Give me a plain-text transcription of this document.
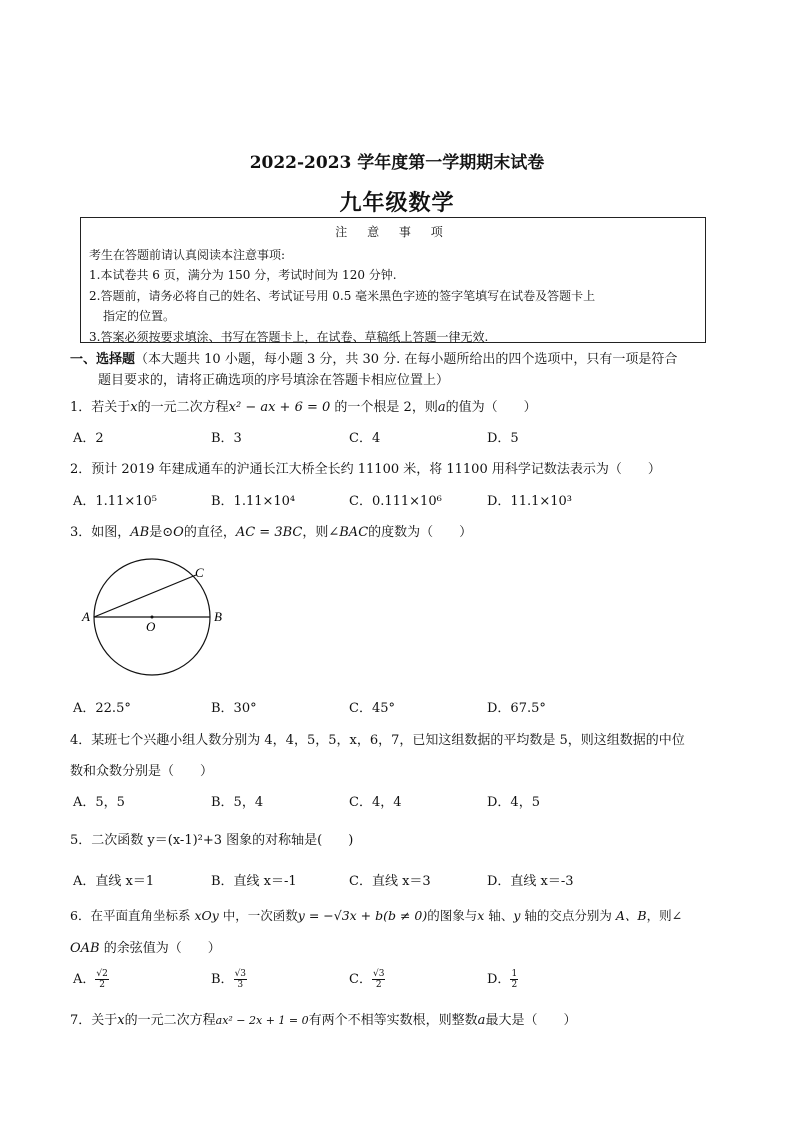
2022-2023 学年度第一学期期末试卷
九年级数学
注 意 事 项
考生在答题前请认真阅读本注意事项:
1.本试卷共 6 页，满分为 150 分，考试时间为 120 分钟.
2.答题前，请务必将自己的姓名、考试证号用 0.5 毫米黑色字迹的签字笔填写在试卷及答题卡上
指定的位置。
3.答案必须按要求填涂、书写在答题卡上，在试卷、草稿纸上答题一律无效.
一、选择题（本大题共 10 小题，每小题 3 分，共 30 分. 在每小题所给出的四个选项中，只有一项是符合
题目要求的，请将正确选项的序号填涂在答题卡相应位置上）
1．若关于x的一元二次方程x² − ax + 6 = 0 的一个根是 2，则a的值为（　　）
A．2	B．3	C．4	D．5
2．预计 2019 年建成通车的沪通长江大桥全长约 11100 米，将 11100 用科学记数法表示为（　　）
A．1.11×10⁵	B．1.11×10⁴	C．0.111×10⁶	D．11.1×10³
3．如图，AB是⊙O的直径，AC = 3BC，则∠BAC的度数为（　　）
A	B
C
O
A．22.5°	B．30°	C．45°	D．67.5°
4．某班七个兴趣小组人数分别为 4，4，5，5，x，6，7，已知这组数据的平均数是 5，则这组数据的中位
数和众数分别是（　　）
A．5，5	B．5，4	C．4，4	D．4，5
5．二次函数 y＝(x-1)²+3 图象的对称轴是(　　)
A．直线 x＝1	B．直线 x＝-1	C．直线 x＝3	D．直线 x＝-3
6．在平面直角坐标系 xOy 中，一次函数y = −√3x + b(b ≠ 0)的图象与x 轴、y 轴的交点分别为 A、B，则∠
OAB 的余弦值为（　　）
A． $\frac{√2}{2}$	B． $\frac{√3}{3}$	C． $\frac{√3}{2}$	D． $\frac{1}{2}$
7．关于x的一元二次方程ax² − 2x + 1 = 0有两个不相等实数根，则整数a最大是（　　）
